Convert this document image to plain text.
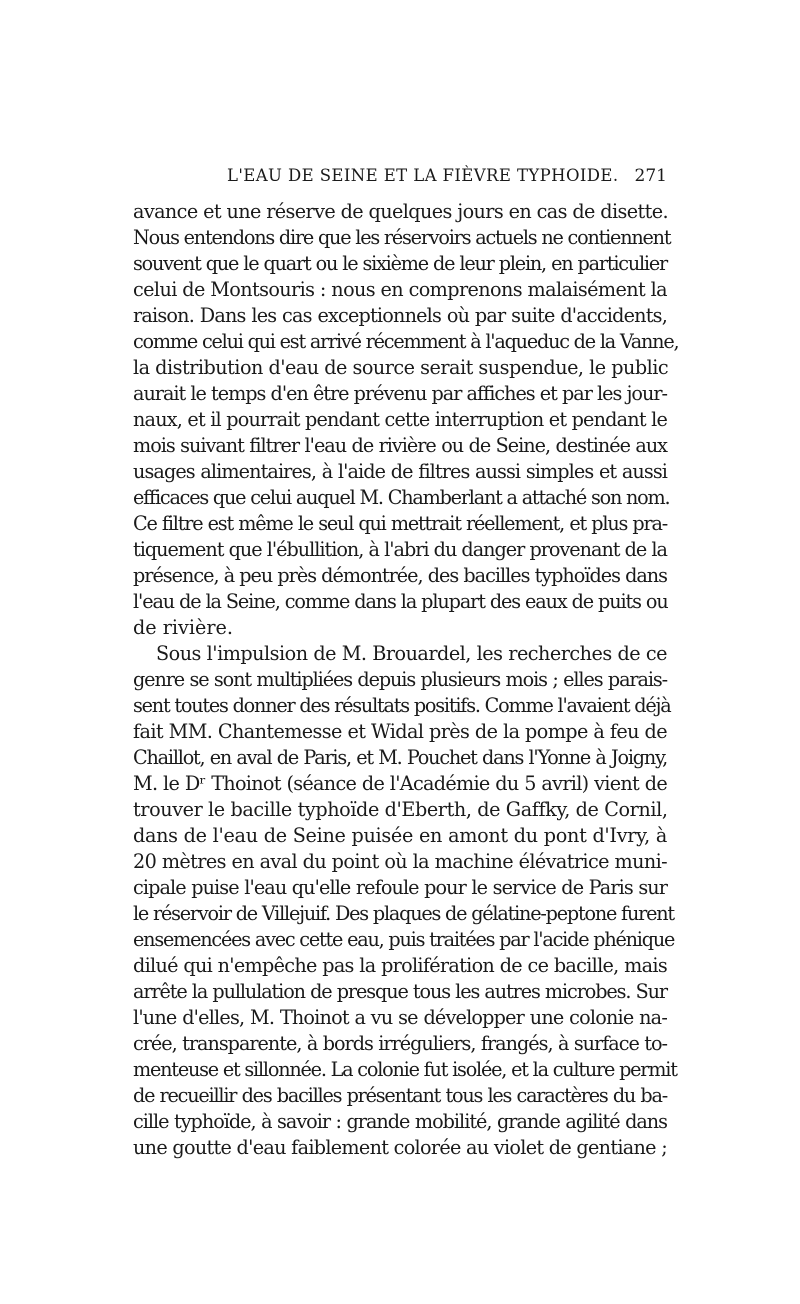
L'EAU DE SEINE ET LA FIÈVRE TYPHOIDE. 271
avance et une réserve de quelques jours en cas de disette.
Nous entendons dire que les réservoirs actuels ne contiennent
souvent que le quart ou le sixième de leur plein, en particulier
celui de Montsouris : nous en comprenons malaisément la
raison. Dans les cas exceptionnels où par suite d'accidents,
comme celui qui est arrivé récemment à l'aqueduc de la Vanne,
la distribution d'eau de source serait suspendue, le public
aurait le temps d'en être prévenu par affiches et par les jour-
naux, et il pourrait pendant cette interruption et pendant le
mois suivant filtrer l'eau de rivière ou de Seine, destinée aux
usages alimentaires, à l'aide de filtres aussi simples et aussi
efficaces que celui auquel M. Chamberlant a attaché son nom.
Ce filtre est même le seul qui mettrait réellement, et plus pra-
tiquement que l'ébullition, à l'abri du danger provenant de la
présence, à peu près démontrée, des bacilles typhoïdes dans
l'eau de la Seine, comme dans la plupart des eaux de puits ou
de rivière.
Sous l'impulsion de M. Brouardel, les recherches de ce
genre se sont multipliées depuis plusieurs mois ; elles parais-
sent toutes donner des résultats positifs. Comme l'avaient déjà
fait MM. Chantemesse et Widal près de la pompe à feu de
Chaillot, en aval de Paris, et M. Pouchet dans l'Yonne à Joigny,
M. le Dʳ Thoinot (séance de l'Académie du 5 avril) vient de
trouver le bacille typhoïde d'Eberth, de Gaffky, de Cornil,
dans de l'eau de Seine puisée en amont du pont d'Ivry, à
20 mètres en aval du point où la machine élévatrice muni-
cipale puise l'eau qu'elle refoule pour le service de Paris sur
le réservoir de Villejuif. Des plaques de gélatine-peptone furent
ensemencées avec cette eau, puis traitées par l'acide phénique
dilué qui n'empêche pas la prolifération de ce bacille, mais
arrête la pullulation de presque tous les autres microbes. Sur
l'une d'elles, M. Thoinot a vu se développer une colonie na-
crée, transparente, à bords irréguliers, frangés, à surface to-
menteuse et sillonnée. La colonie fut isolée, et la culture permit
de recueillir des bacilles présentant tous les caractères du ba-
cille typhoïde, à savoir : grande mobilité, grande agilité dans
une goutte d'eau faiblement colorée au violet de gentiane ;
